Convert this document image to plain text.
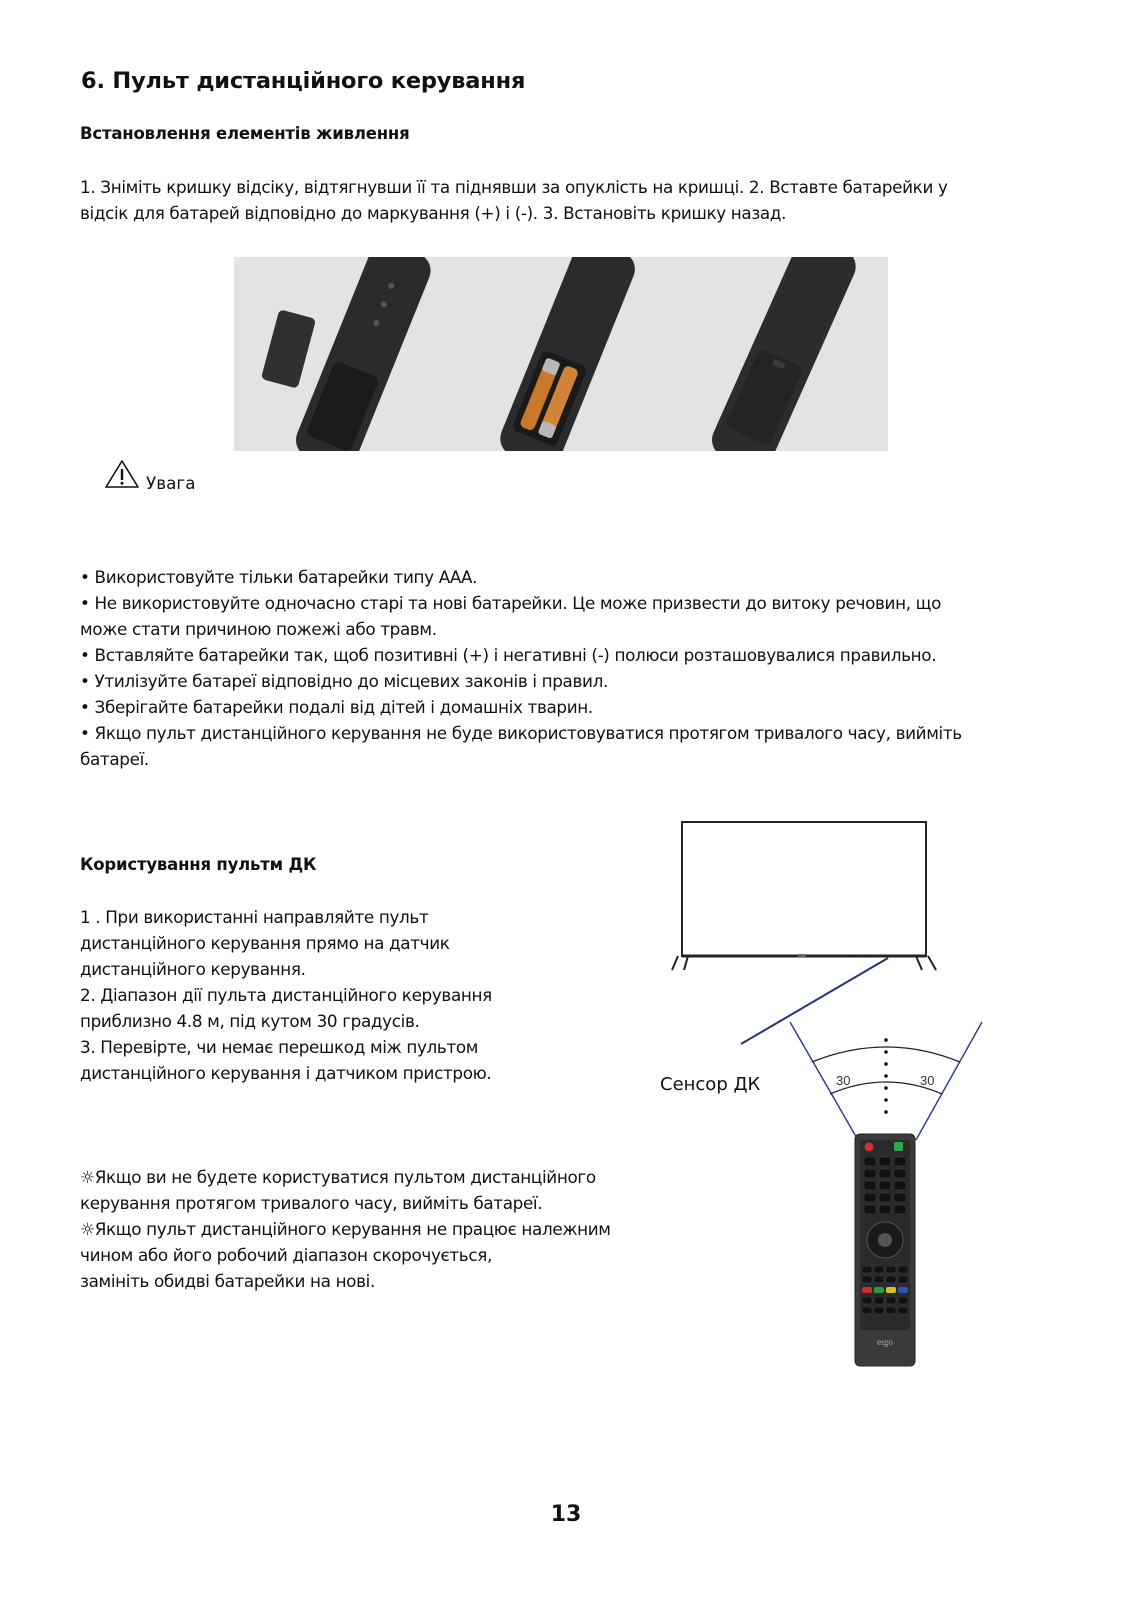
6. Пульт дистанційного керування
Встановлення елементів живлення

1. Зніміть кришку відсіку, відтягнувши її та піднявши за опуклість на кришці. 2. Вставте батарейки у

відсік для батарей відповідно до маркування (+) і (-). 3. Встановіть кришку назад.

Увага

• Використовуйте тільки батарейки типу ААА.

• Не використовуйте одночасно старі та нові батарейки. Це може призвести до витоку речовин, що

може стати причиною пожежі або травм.

• Вставляйте батарейки так, щоб позитивні (+) і негативні (-) полюси розташовувалися правильно.

• Утилізуйте батареї відповідно до місцевих законів і правил.

• Зберігайте батарейки подалі від дітей і домашніх тварин.

• Якщо пульт дистанційного керування не буде використовуватися протягом тривалого часу, вийміть

батареї.

Користування пультм ДК

1 . При використанні направляйте пульт

дистанційного керування прямо на датчик

дистанційного керування.

2. Діапазон дії пульта дистанційного керування

приблизно 4.8 м, під кутом 30 градусів.

3. Перевірте, чи немає перешкод між пультом

дистанційного керування і датчиком пристрою.

☼Якщо ви не будете користуватися пультом дистанційного

керування протягом тривалого часу, вийміть батареї.

☼Якщо пульт дистанційного керування не працює належним

чином або його робочий діапазон скорочується,

замініть обидві батарейки на нові.

30	30
ergo
Сенсор ДК
13
